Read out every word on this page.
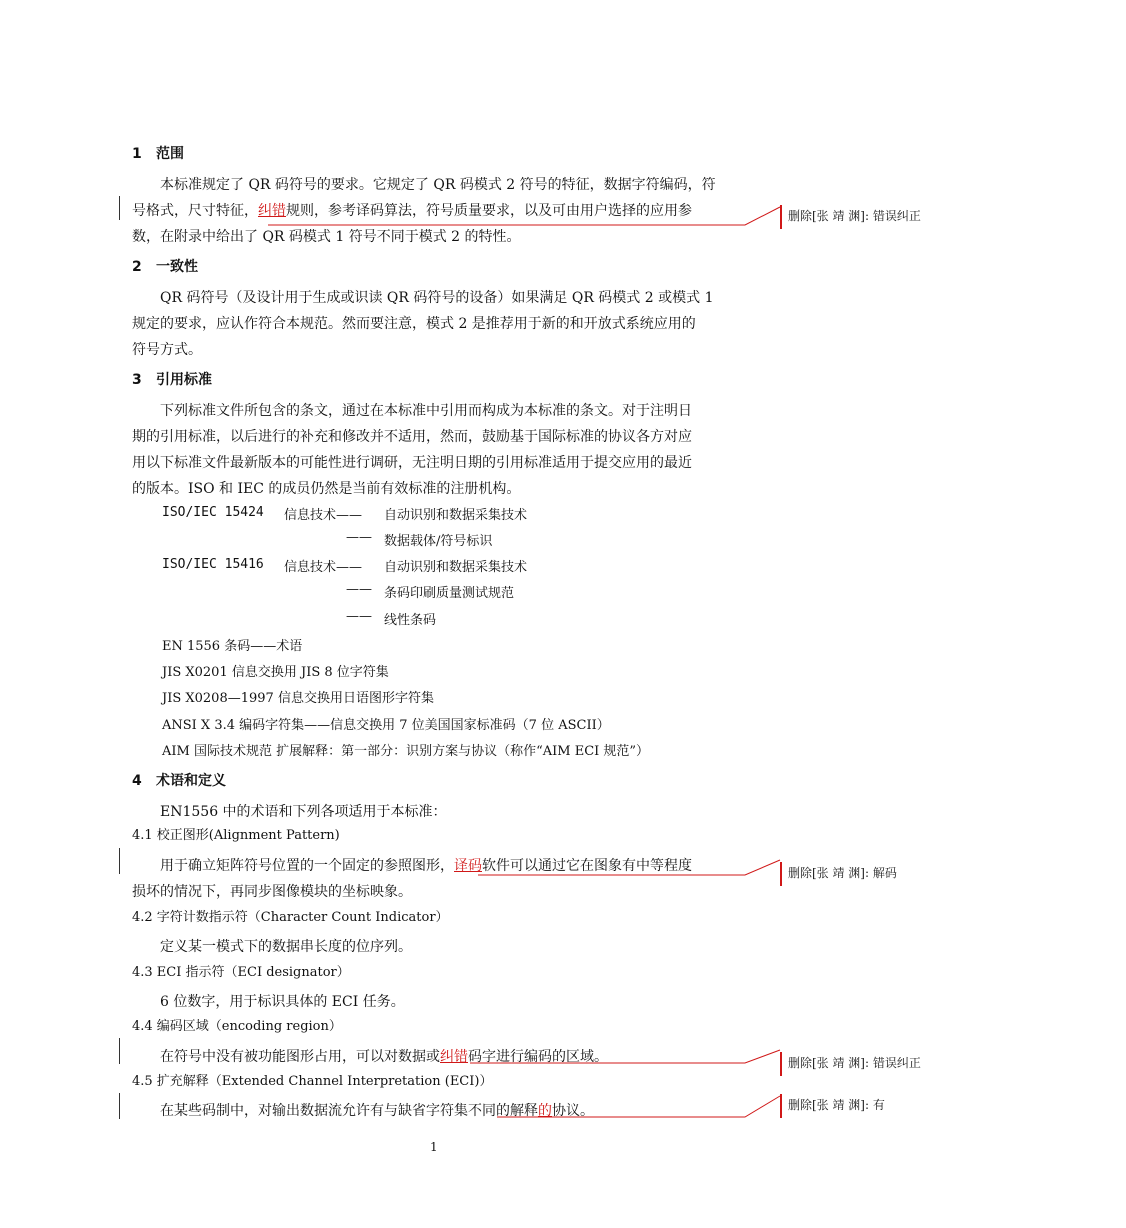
1 范围
本标准规定了 QR 码符号的要求。它规定了 QR 码模式 2 符号的特征，数据字符编码，符
号格式，尺寸特征，纠错规则，参考译码算法，符号质量要求，以及可由用户选择的应用参
数，在附录中给出了 QR 码模式 1 符号不同于模式 2 的特性。
2 一致性
QR 码符号（及设计用于生成或识读 QR 码符号的设备）如果满足 QR 码模式 2 或模式 1
规定的要求，应认作符合本规范。然而要注意，模式 2 是推荐用于新的和开放式系统应用的
符号方式。
3 引用标准
下列标准文件所包含的条文，通过在本标准中引用而构成为本标准的条文。对于注明日
期的引用标准，以后进行的补充和修改并不适用，然而，鼓励基于国际标准的协议各方对应
用以下标准文件最新版本的可能性进行调研，无注明日期的引用标准适用于提交应用的最近
的版本。ISO 和 IEC 的成员仍然是当前有效标准的注册机构。
ISO/IEC 15424 信息技术—— 自动识别和数据采集技术
—— 数据载体/符号标识
ISO/IEC 15416 信息技术—— 自动识别和数据采集技术
—— 条码印刷质量测试规范
—— 线性条码
EN 1556 条码——术语
JIS X0201 信息交换用 JIS 8 位字符集
JIS X0208—1997 信息交换用日语图形字符集
ANSI X 3.4 编码字符集——信息交换用 7 位美国国家标准码（7 位 ASCII）
AIM 国际技术规范 扩展解释：第一部分：识别方案与协议（称作“AIM ECI 规范”）
4 术语和定义
EN1556 中的术语和下列各项适用于本标准：
4.1 校正图形(Alignment Pattern)
用于确立矩阵符号位置的一个固定的参照图形，译码软件可以通过它在图象有中等程度
损坏的情况下，再同步图像模块的坐标映象。
4.2 字符计数指示符（Character Count Indicator）
定义某一模式下的数据串长度的位序列。
4.3 ECI 指示符（ECI designator）
6 位数字，用于标识具体的 ECI 任务。
4.4 编码区域（encoding region）
在符号中没有被功能图形占用，可以对数据或纠错码字进行编码的区域。
4.5 扩充解释（Extended Channel Interpretation (ECI)）
在某些码制中，对输出数据流允许有与缺省字符集不同的解释的协议。
删除[张 靖 渊]: 错误纠正
删除[张 靖 渊]: 解码
删除[张 靖 渊]: 错误纠正
删除[张 靖 渊]: 有
1
